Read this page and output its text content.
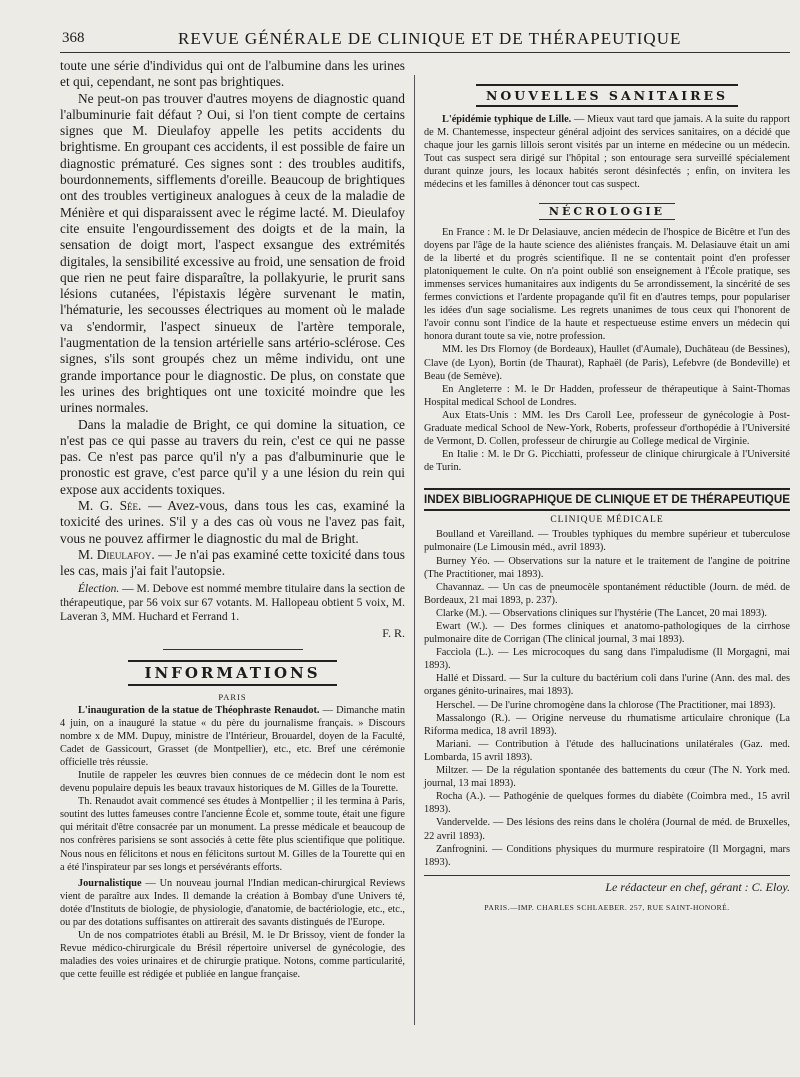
368	REVUE GÉNÉRALE DE CLINIQUE ET DE THÉRAPEUTIQUE

toute une série d'individus qui ont de l'albumine dans les urines et qui, cependant, ne sont pas brightiques.

Ne peut-on pas trouver d'autres moyens de diagnostic quand l'albuminurie fait défaut ? Oui, si l'on tient compte de certains signes que M. Dieulafoy appelle les petits accidents du brightisme. En groupant ces accidents, il est possible de faire un diagnostic prématuré. Ces signes sont : des troubles auditifs, bourdonnements, sifflements d'oreille. Beaucoup de brightiques ont des troubles vertigineux analogues à ceux de la maladie de Ménière et qui disparaissent avec le régime lacté. M. Dieulafoy cite ensuite l'engourdissement des doigts et de la main, la sensation de doigt mort, l'aspect exsangue des extrémités digitales, la sensibilité excessive au froid, une sensation de froid que rien ne peut faire disparaître, la pollakyurie, le prurit sans lésions cutanées, l'épistaxis légère survenant le matin, l'hématurie, les secousses électriques au moment où le malade va s'endormir, l'aspect sinueux de l'artère temporale, l'augmentation de la tension artérielle sans artério-sclérose. Ces signes, s'ils sont groupés chez un même individu, ont une grande importance pour le diagnostic. De plus, on constate que les urines des brightiques ont une toxicité moindre que les urines normales.

Dans la maladie de Bright, ce qui domine la situation, ce n'est pas ce qui passe au travers du rein, c'est ce qui ne passe pas. Ce n'est pas parce qu'il n'y a pas d'albuminurie que le pronostic est grave, c'est parce qu'il y a une lésion du rein qui expose aux accidents toxiques.

M. G. Sée. — Avez-vous, dans tous les cas, examiné la toxicité des urines. S'il y a des cas où vous ne l'avez pas fait, vous ne pouvez affirmer le diagnostic du mal de Bright.

M. Dieulafoy. — Je n'ai pas examiné cette toxicité dans tous les cas, mais j'ai fait l'autopsie.

Élection. — M. Debove est nommé membre titulaire dans la section de thérapeutique, par 56 voix sur 67 votants. M. Hallopeau obtient 5 voix, M. Laveran 3, MM. Huchard et Ferrand 1.

F. R.
INFORMATIONS
PARIS

L'inauguration de la statue de Théophraste Renaudot. — Dimanche matin 4 juin, on a inauguré la statue « du père du journalisme français. » Discours nombre x de MM. Dupuy, ministre de l'Intérieur, Brouardel, doyen de la Faculté, Cadet de Gassicourt, Grasset (de Montpellier), etc., etc. Bref une cérémonie officielle très réussie.

Inutile de rappeler les œuvres bien connues de ce médecin dont le nom est devenu populaire depuis les beaux travaux historiques de M. Gilles de la Tourette.

Th. Renaudot avait commencé ses études à Montpellier ; il les termina à Paris, soutint des luttes fameuses contre l'ancienne École et, somme toute, était une figure qui méritait d'être consacrée par un monument. La presse médicale et beaucoup de nos confrères parisiens se sont associés à cette fête plus scientifique que politique. Nous nous en félicitons et nous en félicitons surtout M. Gilles de la Tourette qui en a été l'inspirateur par ses longs et persévérants efforts.

Journalistique — Un nouveau journal l'Indian medican-chirurgical Reviews vient de paraître aux Indes. Il demande la création à Bombay d'une Univers té, dotée d'Instituts de biologie, de physiologie, d'anatomie, de bactériologie, etc., etc., ou par des dotations suffisantes on attirerait des savants distingués de l'Europe.

Un de nos compatriotes établi au Brésil, M. le Dr Brissoy, vient de fonder la Revue médico-chirurgicale du Brésil répertoire universel de gynécologie, des maladies des voies urinaires et de chirurgie pratique. Notons, comme particularité, que cette feuille est rédigée et publiée en langue française.

NOUVELLES SANITAIRES

L'épidémie typhique de Lille. — Mieux vaut tard que jamais. A la suite du rapport de M. Chantemesse, inspecteur général adjoint des services sanitaires, on a décidé que chaque jour les garnis lillois seront visités par un interne en médecine ou un médecin. Tout cas suspect sera dirigé sur l'hôpital ; son entourage sera surveillé spécialement durant quinze jours, les locaux habités seront désinfectés ; enfin, on invitera les médecins et les familles à dénoncer tout cas suspect.

NÉCROLOGIE

En France : M. le Dr Delasiauve, ancien médecin de l'hospice de Bicêtre et l'un des doyens par l'âge de la haute science des aliénistes français. M. Delasiauve était un ami de la liberté et du progrès scientifique. Il ne se contentait point d'en professer platoniquement le culte. On n'a point oublié son enseignement à l'École pratique, ses immenses services humanitaires aux indigents du 5e arrondissement, la sincérité de ses fermes convictions et l'ardente propagande qu'il fit en d'autres temps, pour populariser les idées d'un sage socialisme. Les regrets unanimes de tous ceux qui l'honorent de l'avoir connu sont l'indice de la haute et respectueuse estime envers un médecin qui honora durant toute sa vie, notre profession.

MM. les Drs Flornoy (de Bordeaux), Haullet (d'Aumale), Duchâteau (de Bessines), Clave (de Lyon), Bortin (de Thaurat), Raphaël (de Paris), Lefebvre (de Bondeville) et Beau (de Semève).

En Angleterre : M. le Dr Hadden, professeur de thérapeutique à Saint-Thomas Hospital medical School de Londres.

Aux Etats-Unis : MM. les Drs Caroll Lee, professeur de gynécologie à Post-Graduate medical School de New-York, Roberts, professeur d'orthopédie à l'Université de Vermont, D. Collen, professeur de chirurgie au College medical de Virginie.

En Italie : M. le Dr G. Picchiatti, professeur de clinique chirurgicale à l'Université de Turin.

INDEX BIBLIOGRAPHIQUE DE CLINIQUE ET DE THÉRAPEUTIQUE
CLINIQUE MÉDICALE

Boulland et Vareilland. — Troubles typhiques du membre supérieur et tuberculose pulmonaire (Le Limousin méd., avril 1893).

Burney Yéo. — Observations sur la nature et le traitement de l'angine de poitrine (The Practitioner, mai 1893).

Chavannaz. — Un cas de pneumocèle spontanément réductible (Journ. de méd. de Bordeaux, 21 mai 1893, p. 237).

Clarke (M.). — Observations cliniques sur l'hystérie (The Lancet, 20 mai 1893).

Ewart (W.). — Des formes cliniques et anatomo-pathologiques de la cirrhose pulmonaire dite de Corrigan (The clinical journal, 3 mai 1893).

Facciola (L.). — Les microcoques du sang dans l'impaludisme (Il Morgagni, mai 1893).

Hallé et Dissard. — Sur la culture du bactérium coli dans l'urine (Ann. des mal. des organes génito-urinaires, mai 1893).

Herschel. — De l'urine chromogène dans la chlorose (The Practitioner, mai 1893).

Massalongo (R.). — Origine nerveuse du rhumatisme articulaire chronique (La Riforma medica, 18 avril 1893).

Mariani. — Contribution à l'étude des hallucinations unilatérales (Gaz. med. Lombarda, 15 avril 1893).

Miltzer. — De la régulation spontanée des battements du cœur (The N. York med. journal, 13 mai 1893).

Rocha (A.). — Pathogénie de quelques formes du diabète (Coimbra med., 15 avril 1893).

Vandervelde. — Des lésions des reins dans le choléra (Journal de méd. de Bruxelles, 22 avril 1893).

Zanfrognini. — Conditions physiques du murmure respiratoire (Il Morgagni, mars 1893).

Le rédacteur en chef, gérant : C. Eloy.
PARIS.—IMP. CHARLES SCHLAEBER. 257, RUE SAINT-HONORÉ.
